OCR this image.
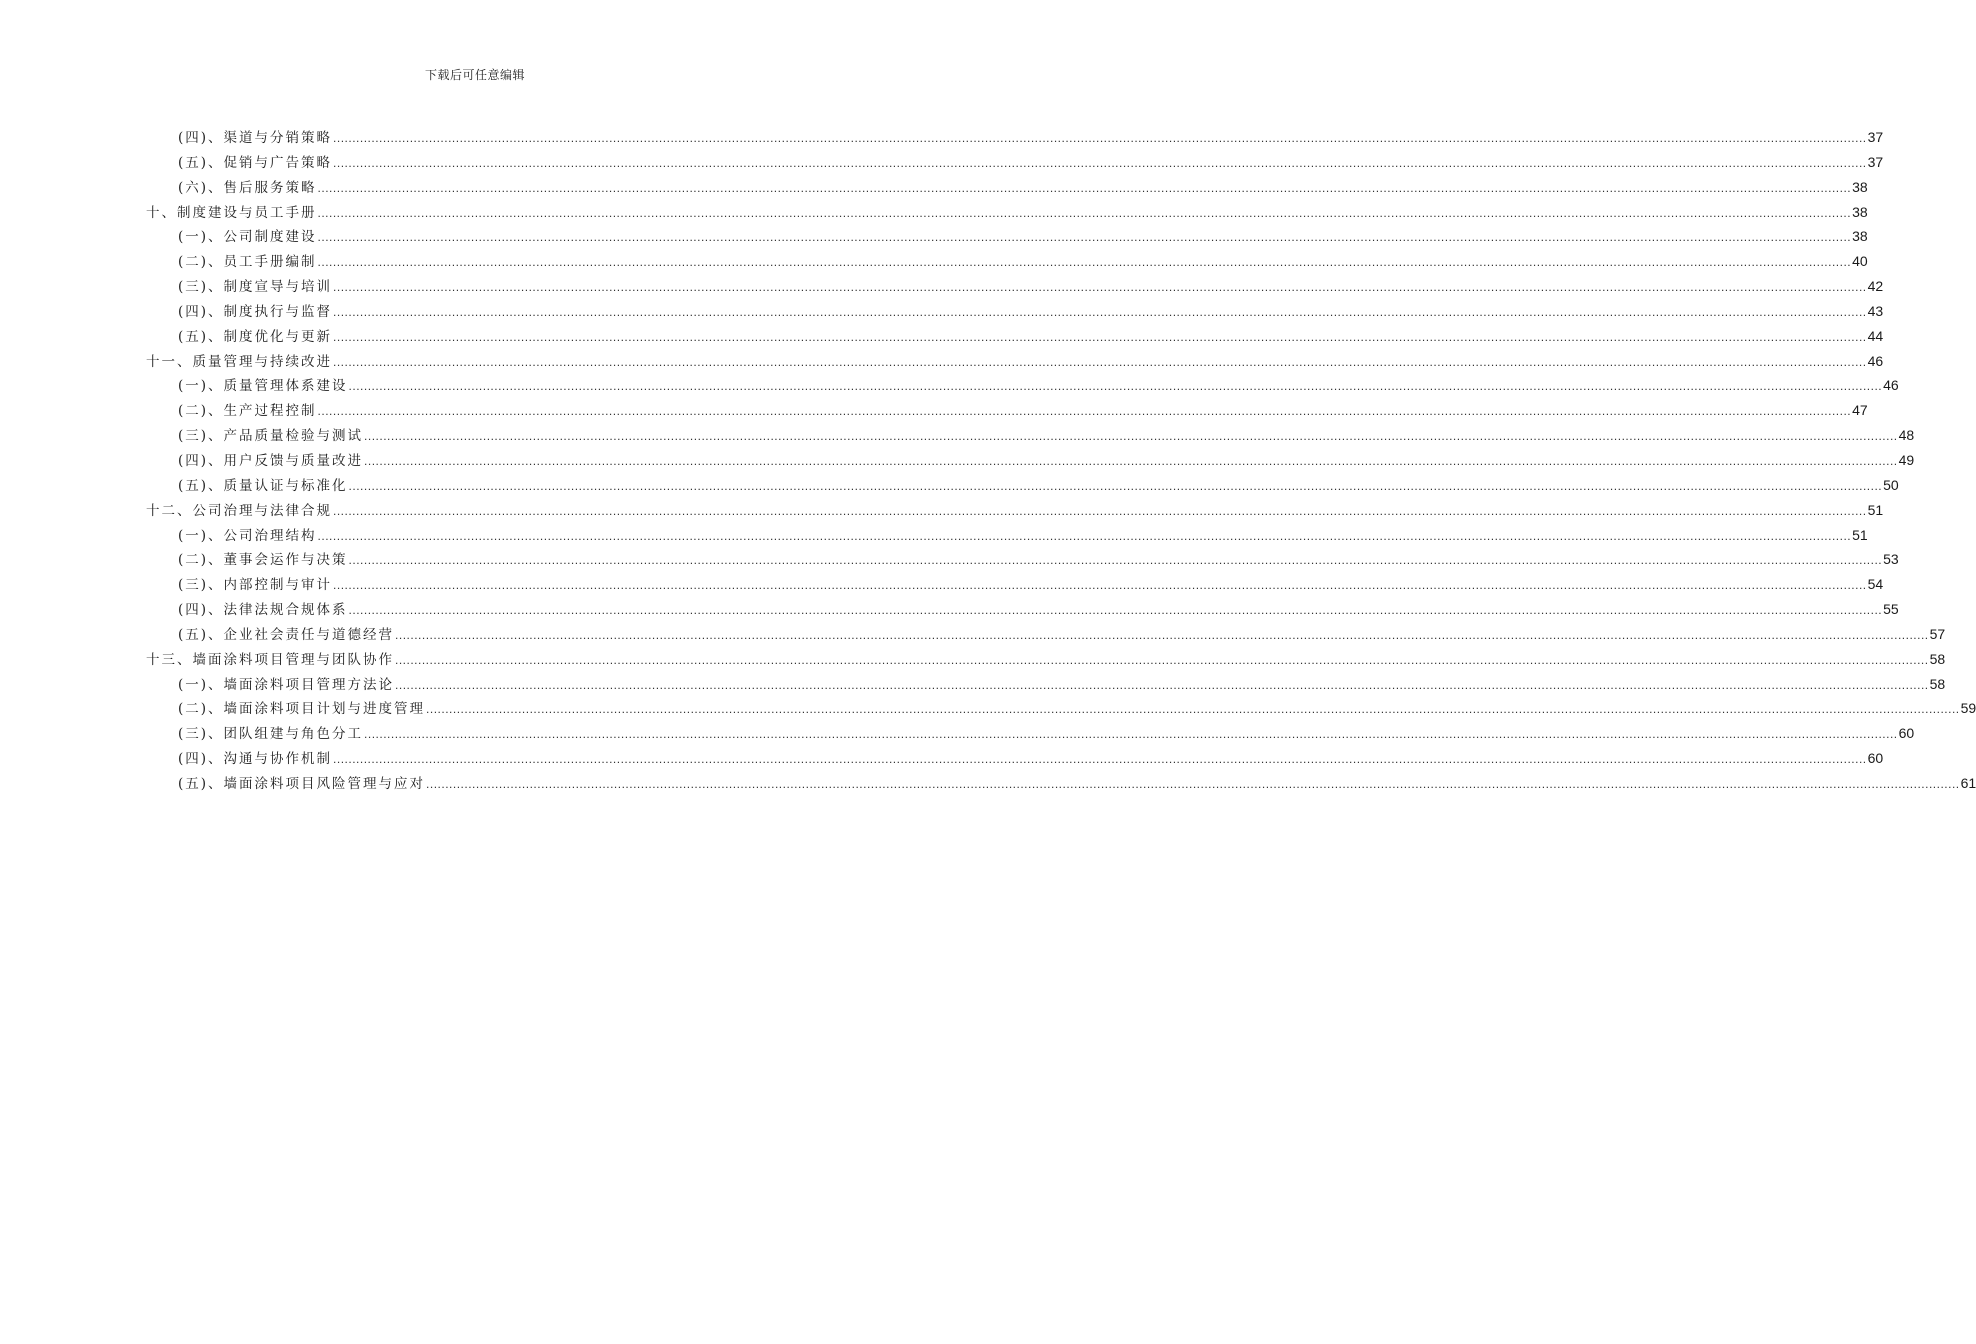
下载后可任意编辑
(四)、渠道与分销策略 ................................................................................................................................................................................................................................................................................................................................................................................................................ 37
(五)、促销与广告策略 ................................................................................................................................................................................................................................................................................................................................................................................................................ 37
(六)、售后服务策略 ................................................................................................................................................................................................................................................................................................................................................................................................................ 38
十、制度建设与员工手册 ................................................................................................................................................................................................................................................................................................................................................................................................................ 38
(一)、公司制度建设 ................................................................................................................................................................................................................................................................................................................................................................................................................ 38
(二)、员工手册编制 ................................................................................................................................................................................................................................................................................................................................................................................................................ 40
(三)、制度宣导与培训 ................................................................................................................................................................................................................................................................................................................................................................................................................ 42
(四)、制度执行与监督 ................................................................................................................................................................................................................................................................................................................................................................................................................ 43
(五)、制度优化与更新 ................................................................................................................................................................................................................................................................................................................................................................................................................ 44
十一、质量管理与持续改进 ................................................................................................................................................................................................................................................................................................................................................................................................................ 46
(一)、质量管理体系建设 ................................................................................................................................................................................................................................................................................................................................................................................................................ 46
(二)、生产过程控制 ................................................................................................................................................................................................................................................................................................................................................................................................................ 47
(三)、产品质量检验与测试 ................................................................................................................................................................................................................................................................................................................................................................................................................ 48
(四)、用户反馈与质量改进 ................................................................................................................................................................................................................................................................................................................................................................................................................ 49
(五)、质量认证与标准化 ................................................................................................................................................................................................................................................................................................................................................................................................................ 50
十二、公司治理与法律合规 ................................................................................................................................................................................................................................................................................................................................................................................................................ 51
(一)、公司治理结构 ................................................................................................................................................................................................................................................................................................................................................................................................................ 51
(二)、董事会运作与决策 ................................................................................................................................................................................................................................................................................................................................................................................................................ 53
(三)、内部控制与审计 ................................................................................................................................................................................................................................................................................................................................................................................................................ 54
(四)、法律法规合规体系 ................................................................................................................................................................................................................................................................................................................................................................................................................ 55
(五)、企业社会责任与道德经营 ................................................................................................................................................................................................................................................................................................................................................................................................................ 57
十三、墙面涂料项目管理与团队协作 ................................................................................................................................................................................................................................................................................................................................................................................................................ 58
(一)、墙面涂料项目管理方法论 ................................................................................................................................................................................................................................................................................................................................................................................................................ 58
(二)、墙面涂料项目计划与进度管理 ................................................................................................................................................................................................................................................................................................................................................................................................................ 59
(三)、团队组建与角色分工 ................................................................................................................................................................................................................................................................................................................................................................................................................ 60
(四)、沟通与协作机制 ................................................................................................................................................................................................................................................................................................................................................................................................................ 60
(五)、墙面涂料项目风险管理与应对 ................................................................................................................................................................................................................................................................................................................................................................................................................ 61
